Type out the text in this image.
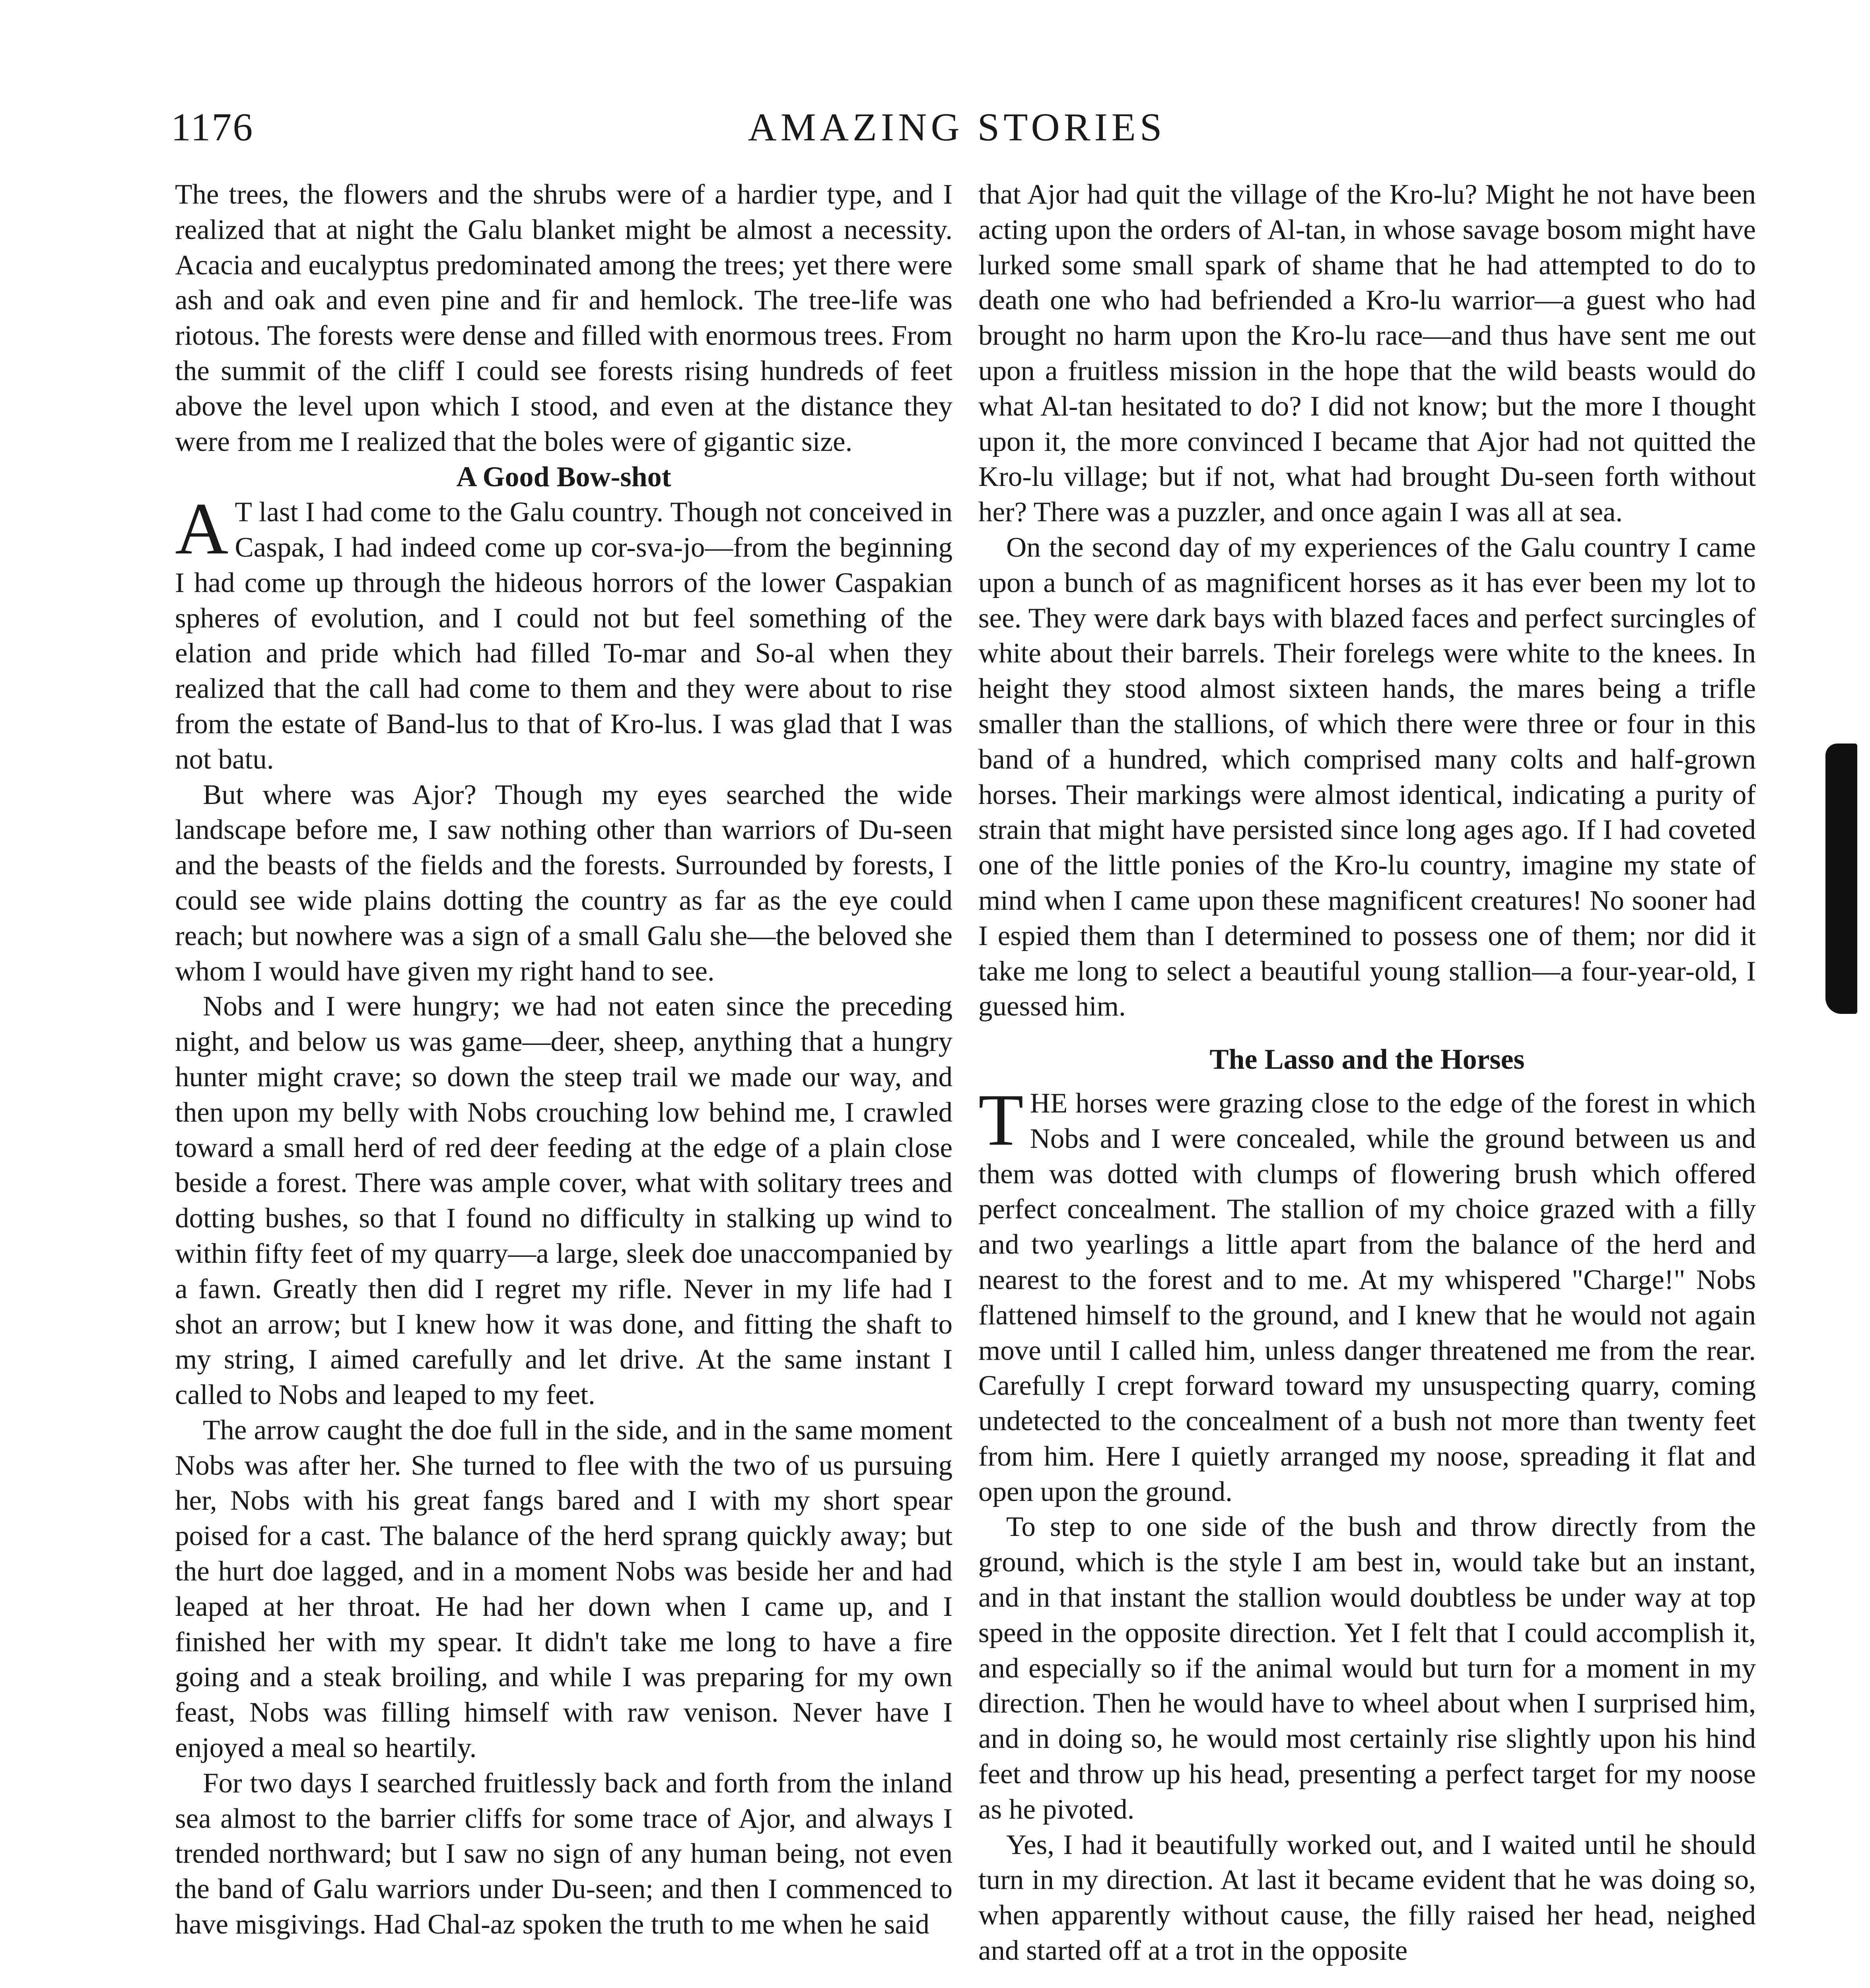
1176	AMAZING STORIES

The trees, the flowers and the shrubs were of a hardier type, and I realized that at night the Galu blanket might be almost a necessity. Acacia and eucalyptus predominated among the trees; yet there were ash and oak and even pine and fir and hemlock. The tree-life was riotous. The forests were dense and filled with enormous trees. From the summit of the cliff I could see forests rising hundreds of feet above the level upon which I stood, and even at the distance they were from me I realized that the boles were of gigantic size.

A Good Bow-shot

A T last I had come to the Galu country. Though not conceived in Caspak, I had indeed come up cor-sva-jo—from the beginning I had come up through the hideous horrors of the lower Caspakian spheres of evolution, and I could not but feel something of the elation and pride which had filled To-mar and So-al when they realized that the call had come to them and they were about to rise from the estate of Band-lus to that of Kro-lus. I was glad that I was not batu.

But where was Ajor? Though my eyes searched the wide landscape before me, I saw nothing other than warriors of Du-seen and the beasts of the fields and the forests. Surrounded by forests, I could see wide plains dotting the country as far as the eye could reach; but nowhere was a sign of a small Galu she—the beloved she whom I would have given my right hand to see.

Nobs and I were hungry; we had not eaten since the preceding night, and below us was game—deer, sheep, anything that a hungry hunter might crave; so down the steep trail we made our way, and then upon my belly with Nobs crouching low behind me, I crawled toward a small herd of red deer feeding at the edge of a plain close beside a forest. There was ample cover, what with solitary trees and dotting bushes, so that I found no difficulty in stalking up wind to within fifty feet of my quarry—a large, sleek doe unaccompanied by a fawn. Greatly then did I regret my rifle. Never in my life had I shot an arrow; but I knew how it was done, and fitting the shaft to my string, I aimed carefully and let drive. At the same instant I called to Nobs and leaped to my feet.

The arrow caught the doe full in the side, and in the same moment Nobs was after her. She turned to flee with the two of us pursuing her, Nobs with his great fangs bared and I with my short spear poised for a cast. The balance of the herd sprang quickly away; but the hurt doe lagged, and in a moment Nobs was beside her and had leaped at her throat. He had her down when I came up, and I finished her with my spear. It didn't take me long to have a fire going and a steak broiling, and while I was preparing for my own feast, Nobs was filling himself with raw venison. Never have I enjoyed a meal so heartily.

For two days I searched fruitlessly back and forth from the inland sea almost to the barrier cliffs for some trace of Ajor, and always I trended northward; but I saw no sign of any human being, not even the band of Galu warriors under Du-seen; and then I commenced to have misgivings. Had Chal-az spoken the truth to me when he said

that Ajor had quit the village of the Kro-lu? Might he not have been acting upon the orders of Al-tan, in whose savage bosom might have lurked some small spark of shame that he had attempted to do to death one who had befriended a Kro-lu warrior—a guest who had brought no harm upon the Kro-lu race—and thus have sent me out upon a fruitless mission in the hope that the wild beasts would do what Al-tan hesitated to do? I did not know; but the more I thought upon it, the more convinced I became that Ajor had not quitted the Kro-lu village; but if not, what had brought Du-seen forth without her? There was a puzzler, and once again I was all at sea.

On the second day of my experiences of the Galu country I came upon a bunch of as magnificent horses as it has ever been my lot to see. They were dark bays with blazed faces and perfect surcingles of white about their barrels. Their forelegs were white to the knees. In height they stood almost sixteen hands, the mares being a trifle smaller than the stallions, of which there were three or four in this band of a hundred, which comprised many colts and half-grown horses. Their markings were almost identical, indicating a purity of strain that might have persisted since long ages ago. If I had coveted one of the little ponies of the Kro-lu country, imagine my state of mind when I came upon these magnificent creatures! No sooner had I espied them than I determined to possess one of them; nor did it take me long to select a beautiful young stallion—a four-year-old, I guessed him.

The Lasso and the Horses

THE horses were grazing close to the edge of the forest in which Nobs and I were concealed, while the ground between us and them was dotted with clumps of flowering brush which offered perfect concealment. The stallion of my choice grazed with a filly and two yearlings a little apart from the balance of the herd and nearest to the forest and to me. At my whispered "Charge!" Nobs flattened himself to the ground, and I knew that he would not again move until I called him, unless danger threatened me from the rear. Carefully I crept forward toward my unsuspecting quarry, coming undetected to the concealment of a bush not more than twenty feet from him. Here I quietly arranged my noose, spreading it flat and open upon the ground.

To step to one side of the bush and throw directly from the ground, which is the style I am best in, would take but an instant, and in that instant the stallion would doubtless be under way at top speed in the opposite direction. Yet I felt that I could accomplish it, and especially so if the animal would but turn for a moment in my direction. Then he would have to wheel about when I surprised him, and in doing so, he would most certainly rise slightly upon his hind feet and throw up his head, presenting a perfect target for my noose as he pivoted.

Yes, I had it beautifully worked out, and I waited until he should turn in my direction. At last it became evident that he was doing so, when apparently without cause, the filly raised her head, neighed and started off at a trot in the opposite
